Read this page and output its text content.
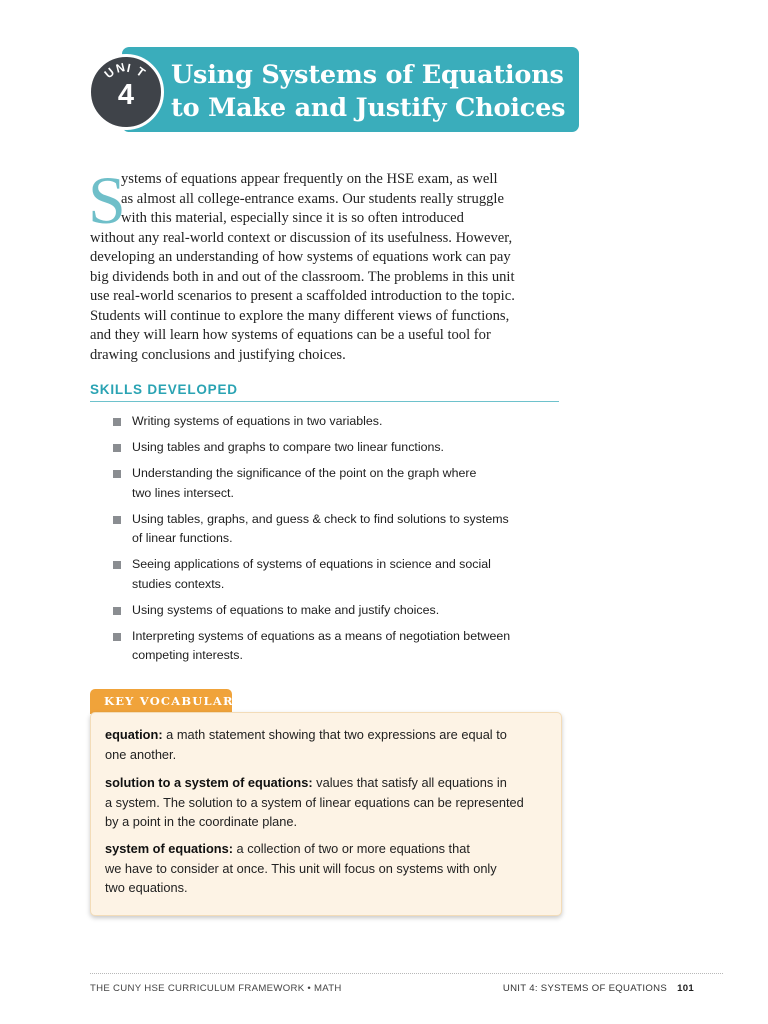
Using Systems of Equations
to Make and Justify Choices
U
N I T
4
S
ystems of equations appear frequently on the HSE exam, as well
as almost all college-entrance exams. Our students really struggle
with this material, especially since it is so often introduced
without any real-world context or discussion of its usefulness. However,
developing an understanding of how systems of equations work can pay
big dividends both in and out of the classroom. The problems in this unit
use real-world scenarios to present a scaffolded introduction to the topic.
Students will continue to explore the many different views of functions,
and they will learn how systems of equations can be a useful tool for
drawing conclusions and justifying choices.
SKILLS DEVELOPED
Writing systems of equations in two variables.
Using tables and graphs to compare two linear functions.
Understanding the significance of the point on the graph where
two lines intersect.
Using tables, graphs, and guess & check to find solutions to systems
of linear functions.
Seeing applications of systems of equations in science and social
studies contexts.
Using systems of equations to make and justify choices.
Interpreting systems of equations as a means of negotiation between
competing interests.
KEY VOCABULARY
equation: a math statement showing that two expressions are equal to
one another.
solution to a system of equations: values that satisfy all equations in
a system. The solution to a system of linear equations can be represented
by a point in the coordinate plane.
system of equations: a collection of two or more equations that
we have to consider at once. This unit will focus on systems with only
two equations.
THE CUNY HSE CURRICULUM FRAMEWORK • MATH	UNIT 4: SYSTEMS OF EQUATIONS 101
